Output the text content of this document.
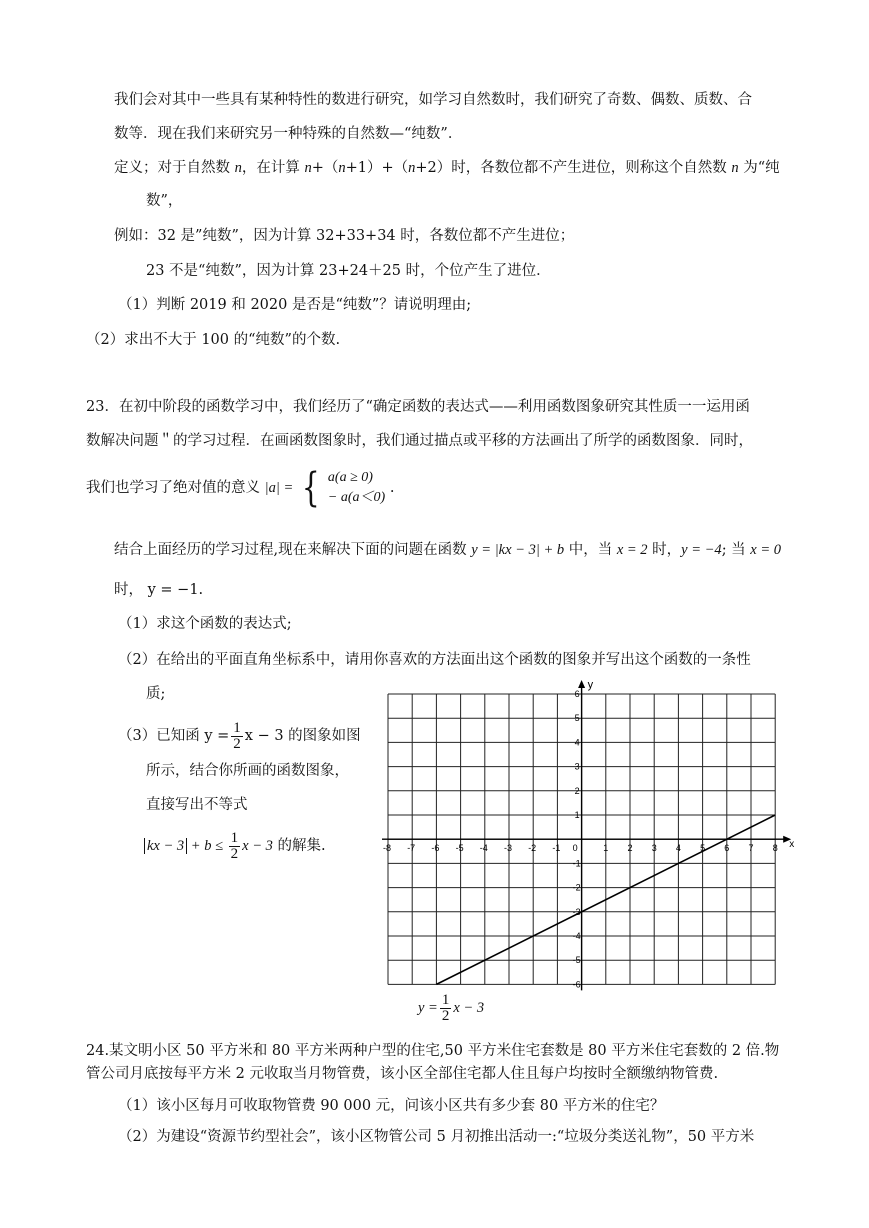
我们会对其中一些具有某种特性的数进行研究，如学习自然数时，我们研究了奇数、偶数、质数、合
数等．现在我们来研究另一种特殊的自然数—“纯数”．
定义；对于自然数 n，在计算 n+（n+1）+（n+2）时，各数位都不产生进位，则称这个自然数 n 为“纯
数”，
例如：32 是”纯数”，因为计算 32+33+34 时，各数位都不产生进位；
23 不是“纯数”，因为计算 23+24＋25 时，个位产生了进位．
（1）判断 2019 和 2020 是否是“纯数”？请说明理由;
（2）求出不大于 100 的“纯数”的个数.
23．在初中阶段的函数学习中，我们经历了“确定函数的表达式——利用函数图象研究其性质一一运用函
数解决问题＂的学习过程．在画函数图象时，我们通过描点或平移的方法画出了所学的函数图象．同时，
我们也学习了绝对值的意义 |a| = { a(a ≥ 0)
− a(a＜0)
.
结合上面经历的学习过程,现在来解决下面的问题在函数 y = |kx − 3| + b 中，当 x = 2 时，y = −4; 当 x = 0
时， y = −1.
（1）求这个函数的表达式;
（2）在给出的平面直角坐标系中，请用你喜欢的方法面出这个函数的图象并写出这个函数的一条性
质;
（3）已知函 $y = \frac{1}{2}$ x − 3 的图象如图
所示，结合你所画的函数图象，
直接写出不等式
kx − $3 + b \le \frac{1}{2}$ x − 3 的解集.	x
y
0
-8 -7 -6 -5 -4 -3 -2 -1	1 2 3 4 5 6 7 8
6
5
4
3
2
1
-1
-2
-3
-4
-5
-6
$y = \frac{1}{2}$ x − 3
24.某文明小区 50 平方米和 80 平方米两种户型的住宅,50 平方米住宅套数是 80 平方米住宅套数的 2 倍.物
管公司月底按每平方米 2 元收取当月物管费，该小区全部住宅都人住且每户均按时全额缴纳物管费.
（1）该小区每月可收取物管费 90 000 元，问该小区共有多少套 80 平方米的住宅？
（2）为建设“资源节约型社会”，该小区物管公司 5 月初推出活动一:“垃圾分类送礼物”，50 平方米
